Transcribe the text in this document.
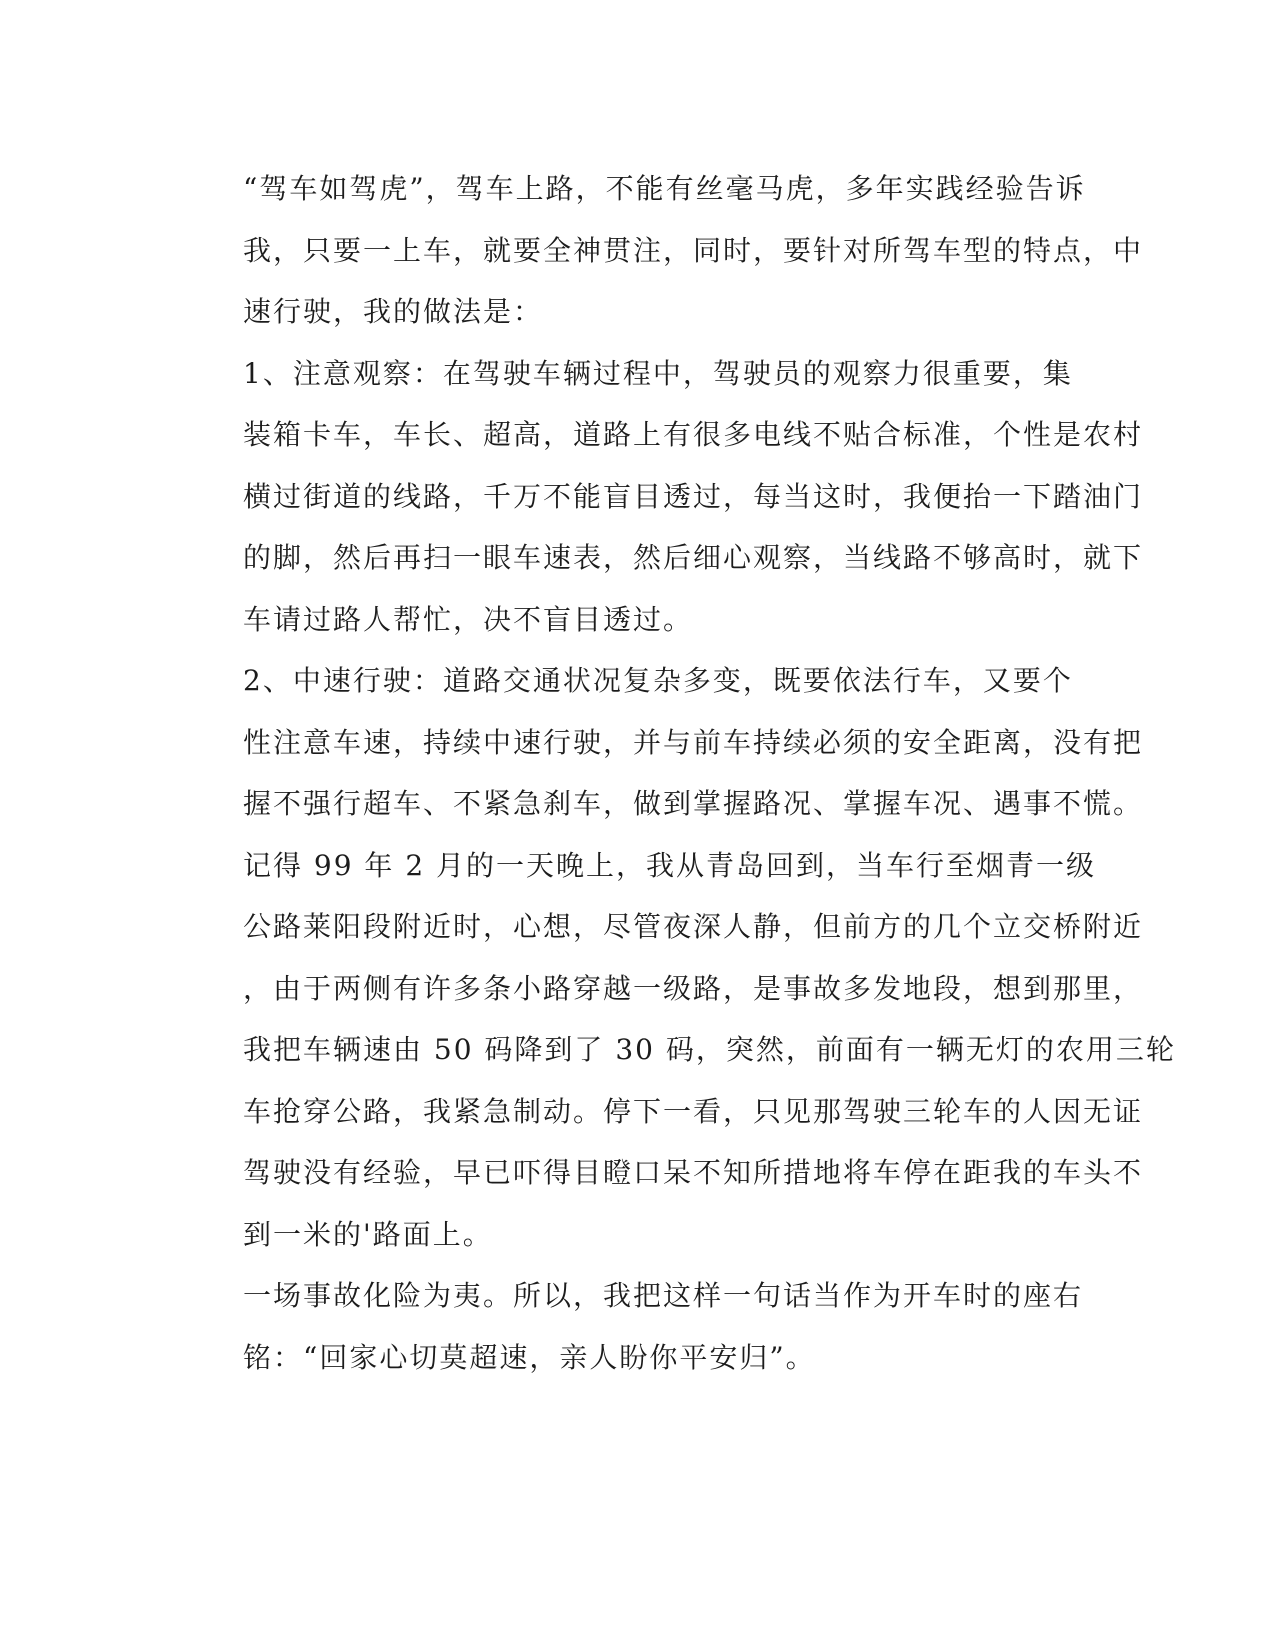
“驾车如驾虎”，驾车上路，不能有丝毫马虎，多年实践经验告诉
我，只要一上车，就要全神贯注，同时，要针对所驾车型的特点，中
速行驶，我的做法是：

1、注意观察：在驾驶车辆过程中，驾驶员的观察力很重要，集
装箱卡车，车长、超高，道路上有很多电线不贴合标准，个性是农村
横过街道的线路，千万不能盲目透过，每当这时，我便抬一下踏油门
的脚，然后再扫一眼车速表，然后细心观察，当线路不够高时，就下
车请过路人帮忙，决不盲目透过。

2、中速行驶：道路交通状况复杂多变，既要依法行车，又要个
性注意车速，持续中速行驶，并与前车持续必须的安全距离，没有把
握不强行超车、不紧急刹车，做到掌握路况、掌握车况、遇事不慌。

记得 99 年 2 月的一天晚上，我从青岛回到，当车行至烟青一级
公路莱阳段附近时，心想，尽管夜深人静，但前方的几个立交桥附近
，由于两侧有许多条小路穿越一级路，是事故多发地段，想到那里，
我把车辆速由 50 码降到了 30 码，突然，前面有一辆无灯的农用三轮
车抢穿公路，我紧急制动。停下一看，只见那驾驶三轮车的人因无证
驾驶没有经验，早已吓得目瞪口呆不知所措地将车停在距我的车头不
到一米的'路面上。

一场事故化险为夷。所以，我把这样一句话当作为开车时的座右
铭：“回家心切莫超速，亲人盼你平安归”。
